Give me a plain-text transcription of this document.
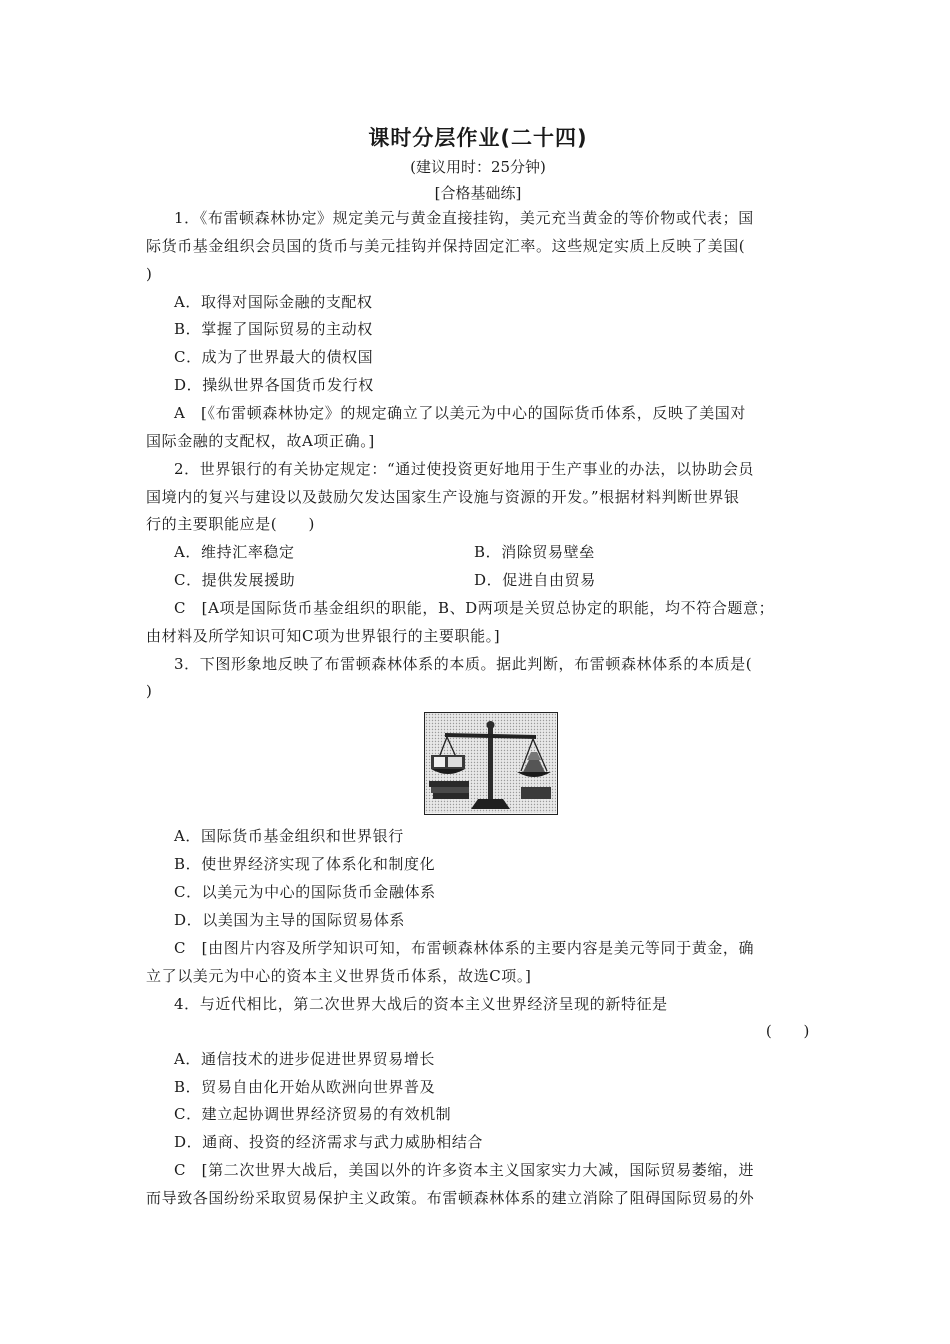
课时分层作业(二十四)
(建议用时：25分钟)
[合格基础练]
1．《布雷顿森林协定》规定美元与黄金直接挂钩，美元充当黄金的等价物或代表；国
际货币基金组织会员国的货币与美元挂钩并保持固定汇率。这些规定实质上反映了美国(
)
A．取得对国际金融的支配权
B．掌握了国际贸易的主动权
C．成为了世界最大的债权国
D．操纵世界各国货币发行权
A　[《布雷顿森林协定》的规定确立了以美元为中心的国际货币体系，反映了美国对
国际金融的支配权，故A项正确。]
2．世界银行的有关协定规定：“通过使投资更好地用于生产事业的办法，以协助会员
国境内的复兴与建设以及鼓励欠发达国家生产设施与资源的开发。”根据材料判断世界银
行的主要职能应是(　　)
A．维持汇率稳定	B．消除贸易壁垒
C．提供发展援助	D．促进自由贸易
C　[A项是国际货币基金组织的职能，B、D两项是关贸总协定的职能，均不符合题意；
由材料及所学知识可知C项为世界银行的主要职能。]
3．下图形象地反映了布雷顿森林体系的本质。据此判断，布雷顿森林体系的本质是(
)
A．国际货币基金组织和世界银行
B．使世界经济实现了体系化和制度化
C．以美元为中心的国际货币金融体系
D．以美国为主导的国际贸易体系
C　[由图片内容及所学知识可知，布雷顿森林体系的主要内容是美元等同于黄金，确
立了以美元为中心的资本主义世界货币体系，故选C项。]
4．与近代相比，第二次世界大战后的资本主义世界经济呈现的新特征是
(　　)
A．通信技术的进步促进世界贸易增长
B．贸易自由化开始从欧洲向世界普及
C．建立起协调世界经济贸易的有效机制
D．通商、投资的经济需求与武力威胁相结合
C　[第二次世界大战后，美国以外的许多资本主义国家实力大减，国际贸易萎缩，进
而导致各国纷纷采取贸易保护主义政策。布雷顿森林体系的建立消除了阻碍国际贸易的外
